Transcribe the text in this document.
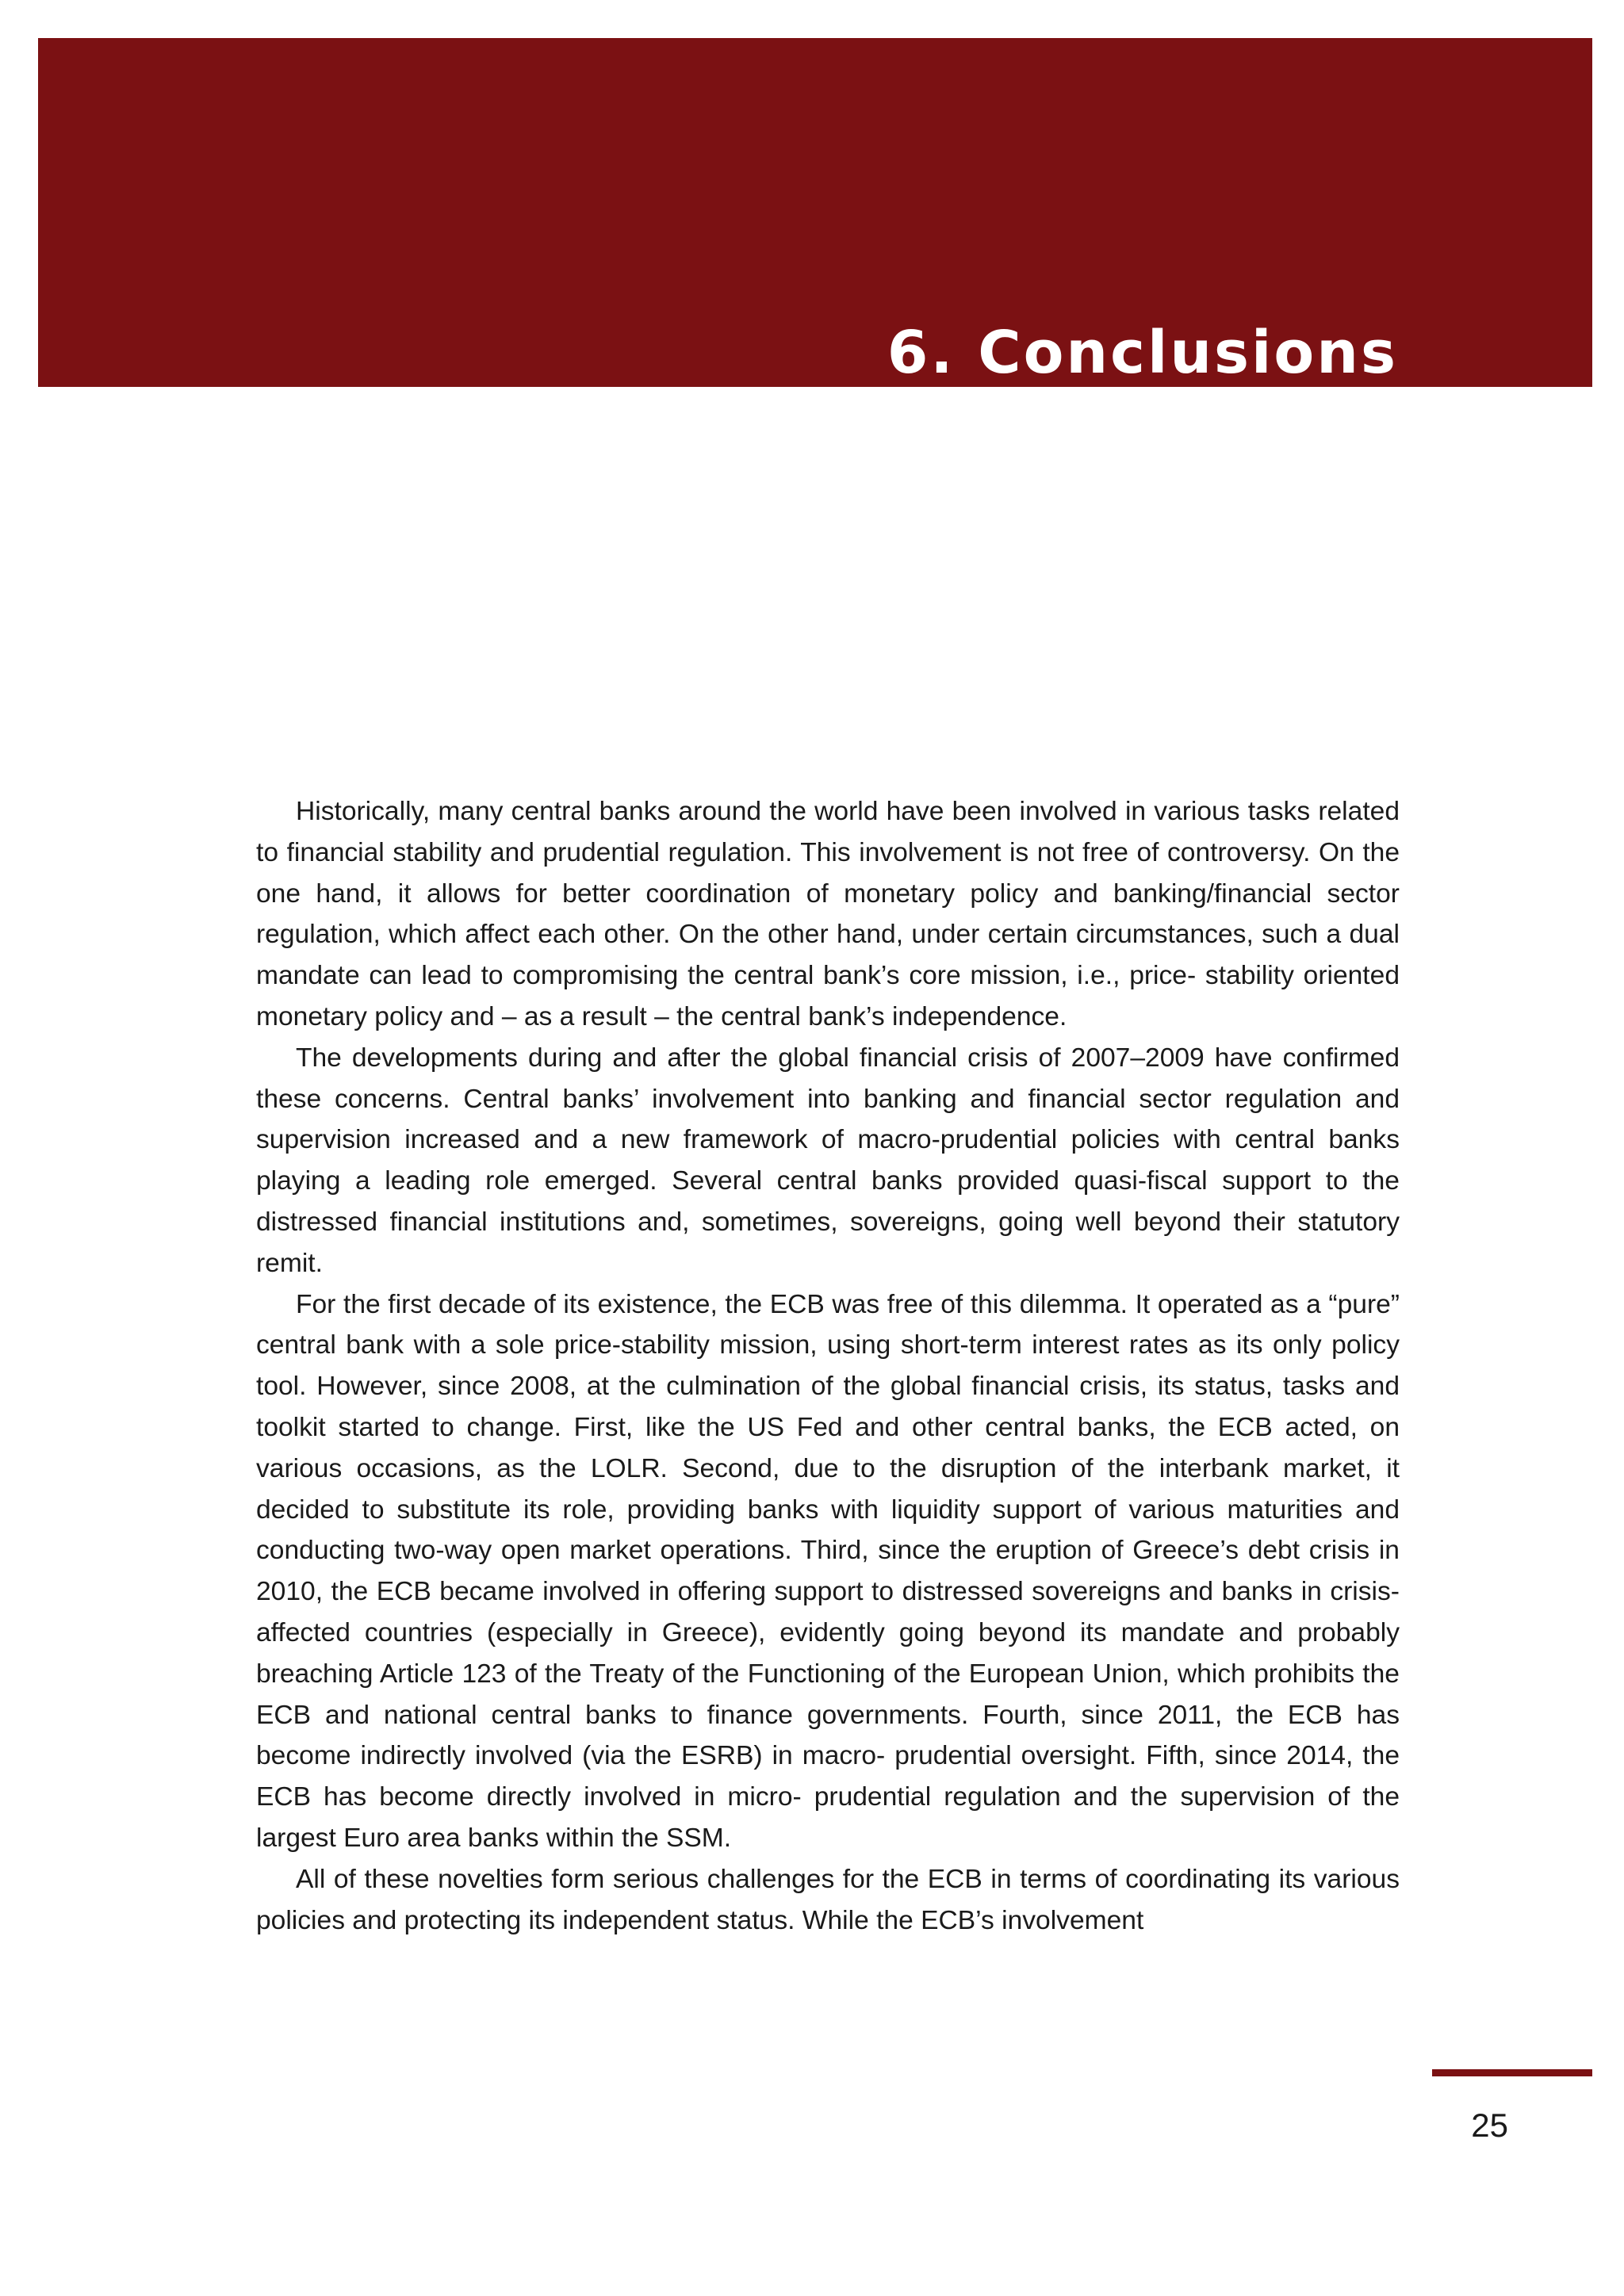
6. Conclusions

Historically, many central banks around the world have been involved in various tasks related to financial stability and prudential regulation. This involvement is not free of controversy. On the one hand, it allows for better coordination of monetary policy and banking/financial sector regulation, which affect each other. On the other hand, under certain circumstances, such a dual mandate can lead to compromising the central bank’s core mission, i.e., price- stability oriented monetary policy and – as a result – the central bank’s independence.

The developments during and after the global financial crisis of 2007–2009 have confirmed these concerns. Central banks’ involvement into banking and financial sector regulation and supervision increased and a new framework of macro-prudential policies with central banks playing a leading role emerged. Several central banks provided quasi-fiscal support to the distressed financial institutions and, sometimes, sovereigns, going well beyond their statutory remit.

For the first decade of its existence, the ECB was free of this dilemma. It operated as a “pure” central bank with a sole price-stability mission, using short-term interest rates as its only policy tool. However, since 2008, at the culmination of the global financial crisis, its status, tasks and toolkit started to change. First, like the US Fed and other central banks, the ECB acted, on various occasions, as the LOLR. Second, due to the disruption of the interbank market, it decided to substitute its role, providing banks with liquidity support of various maturities and conducting two-way open market operations. Third, since the eruption of Greece’s debt crisis in 2010, the ECB became involved in offering support to distressed sovereigns and banks in crisis-affected countries (especially in Greece), evidently going beyond its mandate and probably breaching Article 123 of the Treaty of the Functioning of the European Union, which prohibits the ECB and national central banks to finance governments. Fourth, since 2011, the ECB has become indirectly involved (via the ESRB) in macro- prudential oversight. Fifth, since 2014, the ECB has become directly involved in micro- prudential regulation and the supervision of the largest Euro area banks within the SSM.

All of these novelties form serious challenges for the ECB in terms of coordinating its various policies and protecting its independent status. While the ECB’s involvement

25
